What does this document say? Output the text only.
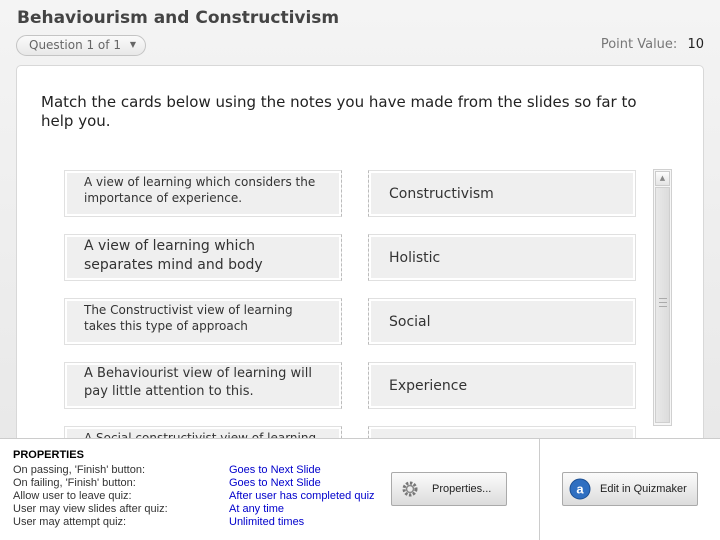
Behaviourism and Constructivism
Question 1 of 1 ▼	Point Value: 10
Match the cards below using the notes you have made from the slides so far to help you.
A view of learning which considers the importance of experience.	Constructivism
A view of learning which separates mind and body	Holistic
The Constructivist view of learning takes this type of approach	Social
A Behaviourist view of learning will pay little attention to this.	Experience
▲
PROPERTIES
On passing, 'Finish' button:	Goes to Next Slide
On failing, 'Finish' button:	Goes to Next Slide
Allow user to leave quiz:	After user has completed quiz
User may view slides after quiz:	At any time
User may attempt quiz:	Unlimited times
Properties...	a Edit in Quizmaker
